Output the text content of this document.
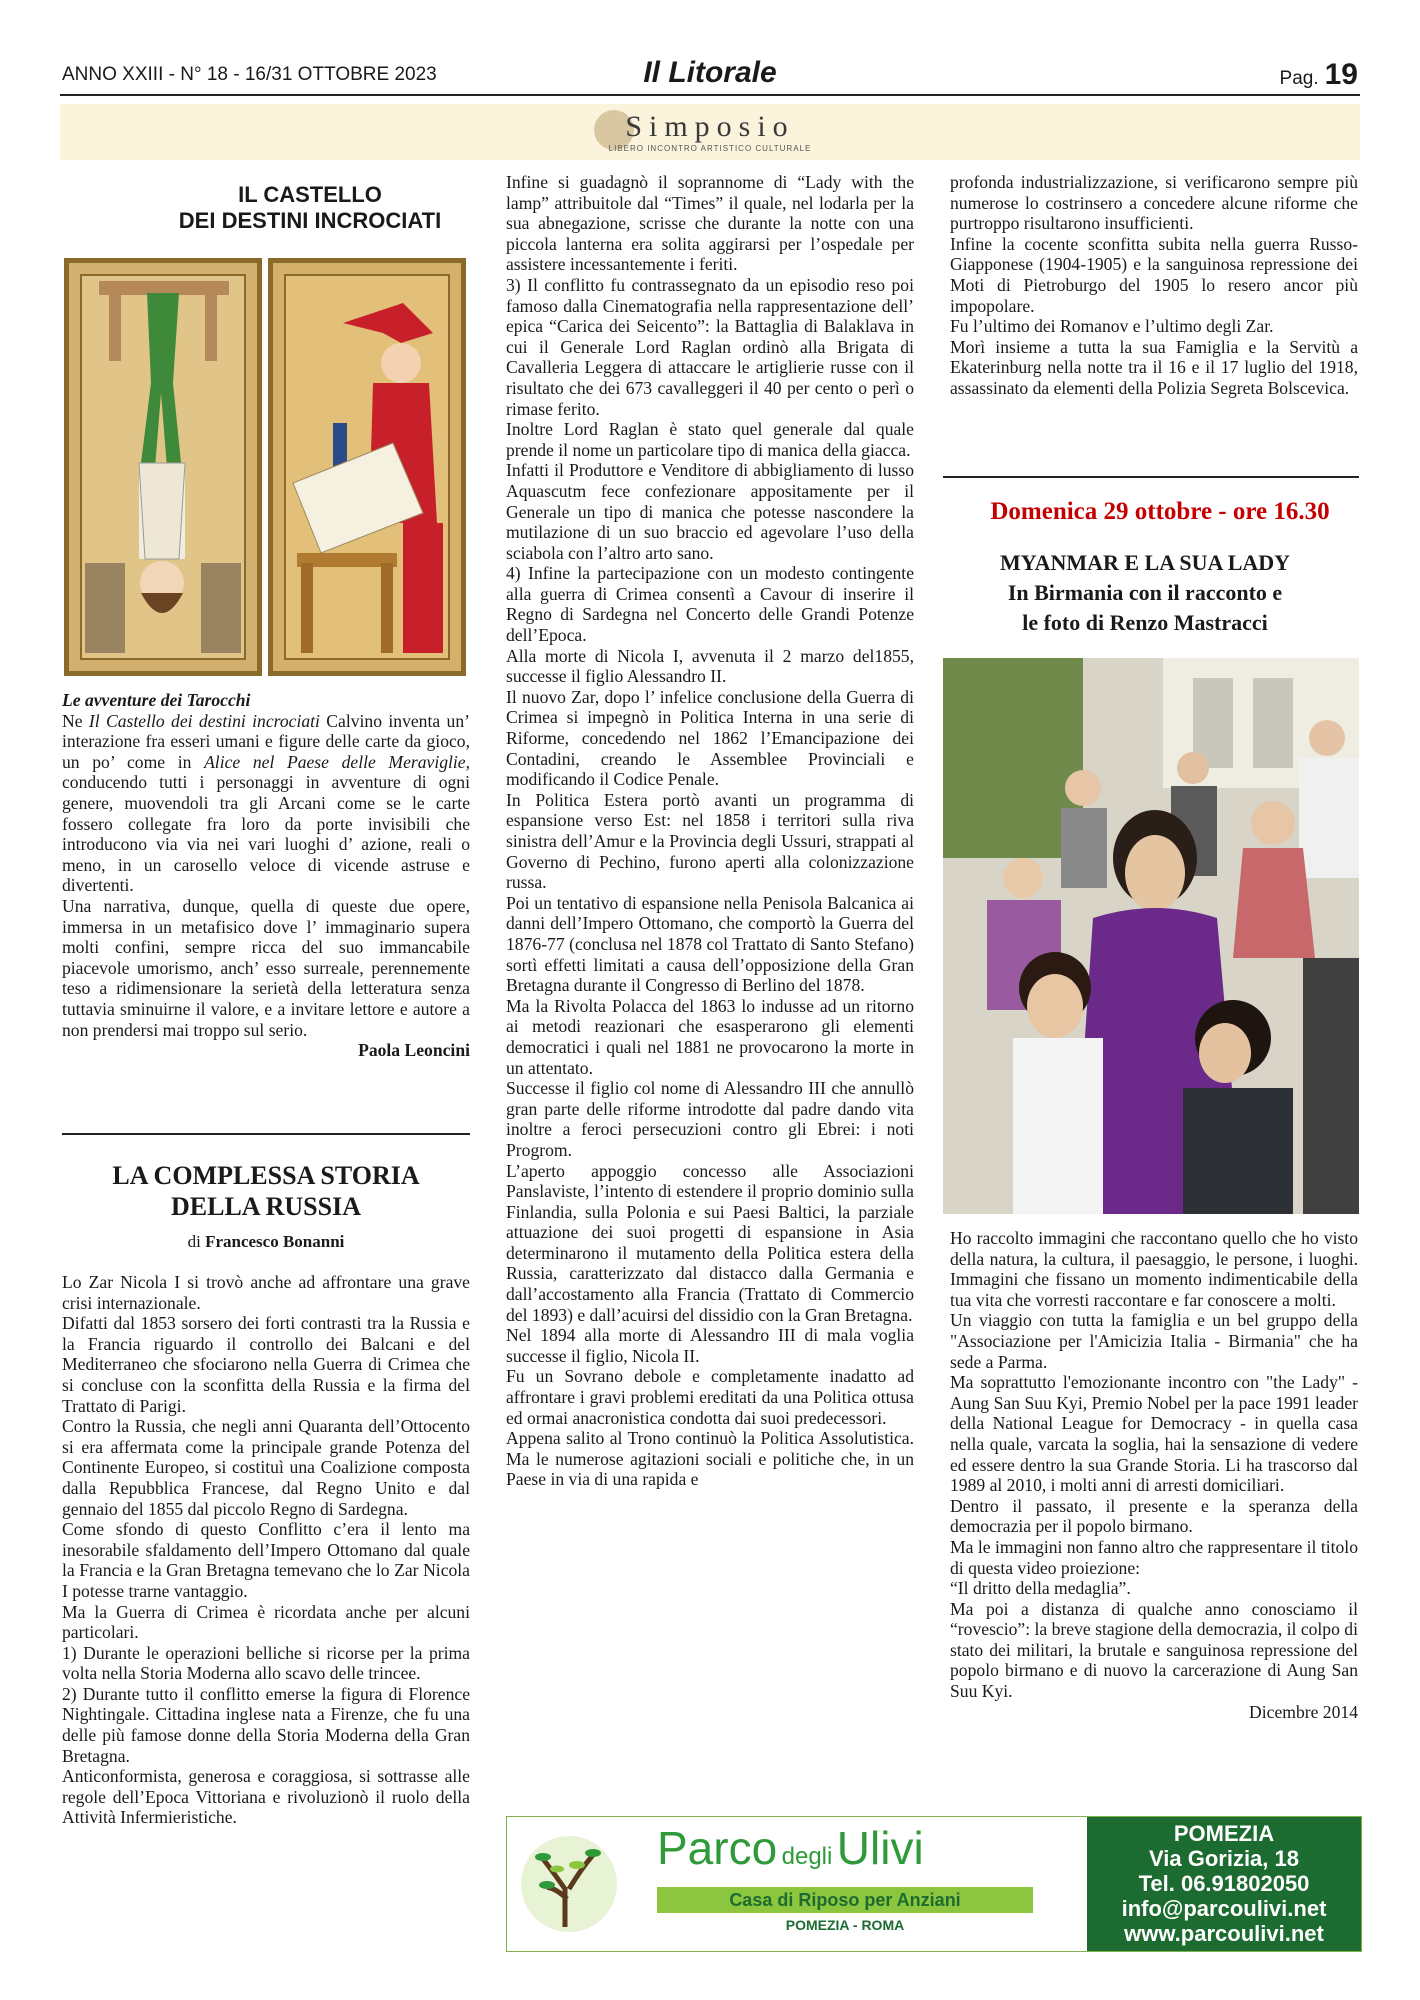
ANNO XXIII - N° 18 - 16/31 OTTOBRE 2023	Il Litorale	Pag. 19
Simposio
LIBERO INCONTRO ARTISTICO CULTURALE
IL CASTELLO
DEI DESTINI INCROCIATI

Le avventure dei Tarocchi

Ne Il Castello dei destini incrociati Calvino inventa un’ interazione fra esseri umani e figure delle carte da gioco, un po’ come in Alice nel Paese delle Meraviglie, conducendo tutti i personaggi in avventure di ogni genere, muovendoli tra gli Arcani come se le carte fossero collegate fra loro da porte invisibili che introducono via via nei vari luoghi d’ azione, reali o meno, in un carosello veloce di vicende astruse e divertenti.

Una narrativa, dunque, quella di queste due opere, immersa in un metafisico dove l’ immaginario supera molti confini, sempre ricca del suo immancabile piacevole umorismo, anch’ esso surreale, perennemente teso a ridimensionare la serietà della letteratura senza tuttavia sminuirne il valore, e a invitare lettore e autore a non prendersi mai troppo sul serio.

Paola Leoncini

LA COMPLESSA STORIA
DELLA RUSSIA
di Francesco Bonanni

Lo Zar Nicola I si trovò anche ad affrontare una grave crisi internazionale.

Difatti dal 1853 sorsero dei forti contrasti tra la Russia e la Francia riguardo il controllo dei Balcani e del Mediterraneo che sfociarono nella Guerra di Crimea che si concluse con la sconfitta della Russia e la firma del Trattato di Parigi.

Contro la Russia, che negli anni Quaranta dell’Ottocento si era affermata come la principale grande Potenza del Continente Europeo, si costituì una Coalizione composta dalla Repubblica Francese, dal Regno Unito e dal gennaio del 1855 dal piccolo Regno di Sardegna.

Come sfondo di questo Conflitto c’era il lento ma inesorabile sfaldamento dell’Impero Ottomano dal quale la Francia e la Gran Bretagna temevano che lo Zar Nicola I potesse trarne vantaggio.

Ma la Guerra di Crimea è ricordata anche per alcuni particolari.

1) Durante le operazioni belliche si ricorse per la prima volta nella Storia Moderna allo scavo delle trincee.

2) Durante tutto il conflitto emerse la figura di Florence Nightingale. Cittadina inglese nata a Firenze, che fu una delle più famose donne della Storia Moderna della Gran Bretagna.

Anticonformista, generosa e coraggiosa, si sottrasse alle regole dell’Epoca Vittoriana e rivoluzionò il ruolo della Attività Infermieristiche.

Infine si guadagnò il soprannome di “Lady with the lamp” attribuitole dal “Times” il quale, nel lodarla per la sua abnegazione, scrisse che durante la notte con una piccola lanterna era solita aggirarsi per l’ospedale per assistere incessantemente i feriti.

3) Il conflitto fu contrassegnato da un episodio reso poi famoso dalla Cinematografia nella rappresentazione dell’ epica “Carica dei Seicento”: la Battaglia di Balaklava in cui il Generale Lord Raglan ordinò alla Brigata di Cavalleria Leggera di attaccare le artiglierie russe con il risultato che dei 673 cavalleggeri il 40 per cento o perì o rimase ferito.

Inoltre Lord Raglan è stato quel generale dal quale prende il nome un particolare tipo di manica della giacca.

Infatti il Produttore e Venditore di abbigliamento di lusso Aquascutm fece confezionare appositamente per il Generale un tipo di manica che potesse nascondere la mutilazione di un suo braccio ed agevolare l’uso della sciabola con l’altro arto sano.

4) Infine la partecipazione con un modesto contingente alla guerra di Crimea consentì a Cavour di inserire il Regno di Sardegna nel Concerto delle Grandi Potenze dell’Epoca.

Alla morte di Nicola I, avvenuta il 2 marzo del1855, successe il figlio Alessandro II.

Il nuovo Zar, dopo l’ infelice conclusione della Guerra di Crimea si impegnò in Politica Interna in una serie di Riforme, concedendo nel 1862 l’Emancipazione dei Contadini, creando le Assemblee Provinciali e modificando il Codice Penale.

In Politica Estera portò avanti un programma di espansione verso Est: nel 1858 i territori sulla riva sinistra dell’Amur e la Provincia degli Ussuri, strappati al Governo di Pechino, furono aperti alla colonizzazione russa.

Poi un tentativo di espansione nella Penisola Balcanica ai danni dell’Impero Ottomano, che comportò la Guerra del 1876-77 (conclusa nel 1878 col Trattato di Santo Stefano) sortì effetti limitati a causa dell’opposizione della Gran Bretagna durante il Congresso di Berlino del 1878.

Ma la Rivolta Polacca del 1863 lo indusse ad un ritorno ai metodi reazionari che esasperarono gli elementi democratici i quali nel 1881 ne provocarono la morte in un attentato.

Successe il figlio col nome di Alessandro III che annullò gran parte delle riforme introdotte dal padre dando vita inoltre a feroci persecuzioni contro gli Ebrei: i noti Progrom.

L’aperto appoggio concesso alle Associazioni Panslaviste, l’intento di estendere il proprio dominio sulla Finlandia, sulla Polonia e sui Paesi Baltici, la parziale attuazione dei suoi progetti di espansione in Asia determinarono il mutamento della Politica estera della Russia, caratterizzato dal distacco dalla Germania e dall’accostamento alla Francia (Trattato di Commercio del 1893) e dall’acuirsi del dissidio con la Gran Bretagna.

Nel 1894 alla morte di Alessandro III di mala voglia successe il figlio, Nicola II.

Fu un Sovrano debole e completamente inadatto ad affrontare i gravi problemi ereditati da una Politica ottusa ed ormai anacronistica condotta dai suoi predecessori.

Appena salito al Trono continuò la Politica Assolutistica. Ma le numerose agitazioni sociali e politiche che, in un Paese in via di una rapida e

profonda industrializzazione, si verificarono sempre più numerose lo costrinsero a concedere alcune riforme che purtroppo risultarono insufficienti.

Infine la cocente sconfitta subita nella guerra Russo-Giapponese (1904-1905) e la sanguinosa repressione dei Moti di Pietroburgo del 1905 lo resero ancor più impopolare.

Fu l’ultimo dei Romanov e l’ultimo degli Zar.

Morì insieme a tutta la sua Famiglia e la Servitù a Ekaterinburg nella notte tra il 16 e il 17 luglio del 1918, assassinato da elementi della Polizia Segreta Bolscevica.

Domenica 29 ottobre - ore 16.30
MYANMAR E LA SUA LADY
In Birmania con il racconto e
le foto di Renzo Mastracci

Ho raccolto immagini che raccontano quello che ho visto della natura, la cultura, il paesaggio, le persone, i luoghi. Immagini che fissano un momento indimenticabile della tua vita che vorresti raccontare e far conoscere a molti.

Un viaggio con tutta la famiglia e un bel gruppo della "Associazione per l'Amicizia Italia - Birmania" che ha sede a Parma.

Ma soprattutto l'emozionante incontro con "the Lady" - Aung San Suu Kyi, Premio Nobel per la pace 1991 leader della National League for Democracy - in quella casa nella quale, varcata la soglia, hai la sensazione di vedere ed essere dentro la sua Grande Storia. Li ha trascorso dal 1989 al 2010, i molti anni di arresti domiciliari.

Dentro il passato, il presente e la speranza della democrazia per il popolo birmano.

Ma le immagini non fanno altro che rappresentare il titolo di questa video proiezione:

“Il dritto della medaglia”.

Ma poi a distanza di qualche anno conosciamo il “rovescio”: la breve stagione della democrazia, il colpo di stato dei militari, la brutale e sanguinosa repressione del popolo birmano e di nuovo la carcerazione di Aung San Suu Kyi.

Dicembre 2014

Parco degli Ulivi
Casa di Riposo per Anziani
POMEZIA - ROMA
POMEZIA
Via Gorizia, 18
Tel. 06.91802050
info@parcoulivi.net
www.parcoulivi.net
